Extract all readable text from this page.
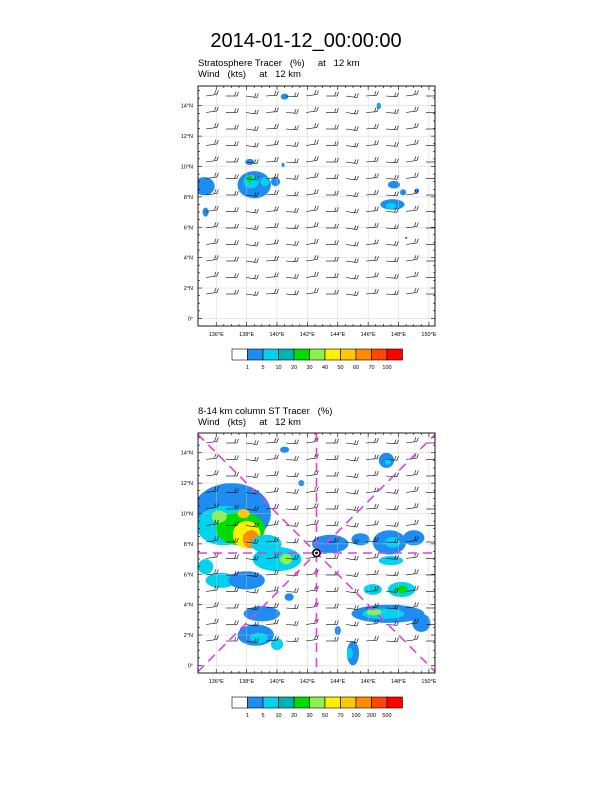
2014-01-12_00:00:00
Stratosphere Tracer   (%)     at   12 km
Wind   (kts)     at   12 km
8-14 km column ST Tracer   (%)
Wind   (kts)     at   12 km
136°E	138°E	140°E	142°E	144°E	146°E	148°E	150°E
0°
2°N
4°N
6°N
8°N
10°N
12°N
14°N
1 5 10 20 30 40 50 60 70 100
136°E	138°E	140°E	142°E	144°E	146°E	148°E	150°E
0°
2°N
4°N
6°N
8°N
10°N
12°N
14°N
1 5 10 20 30 50 70 100 200 500
